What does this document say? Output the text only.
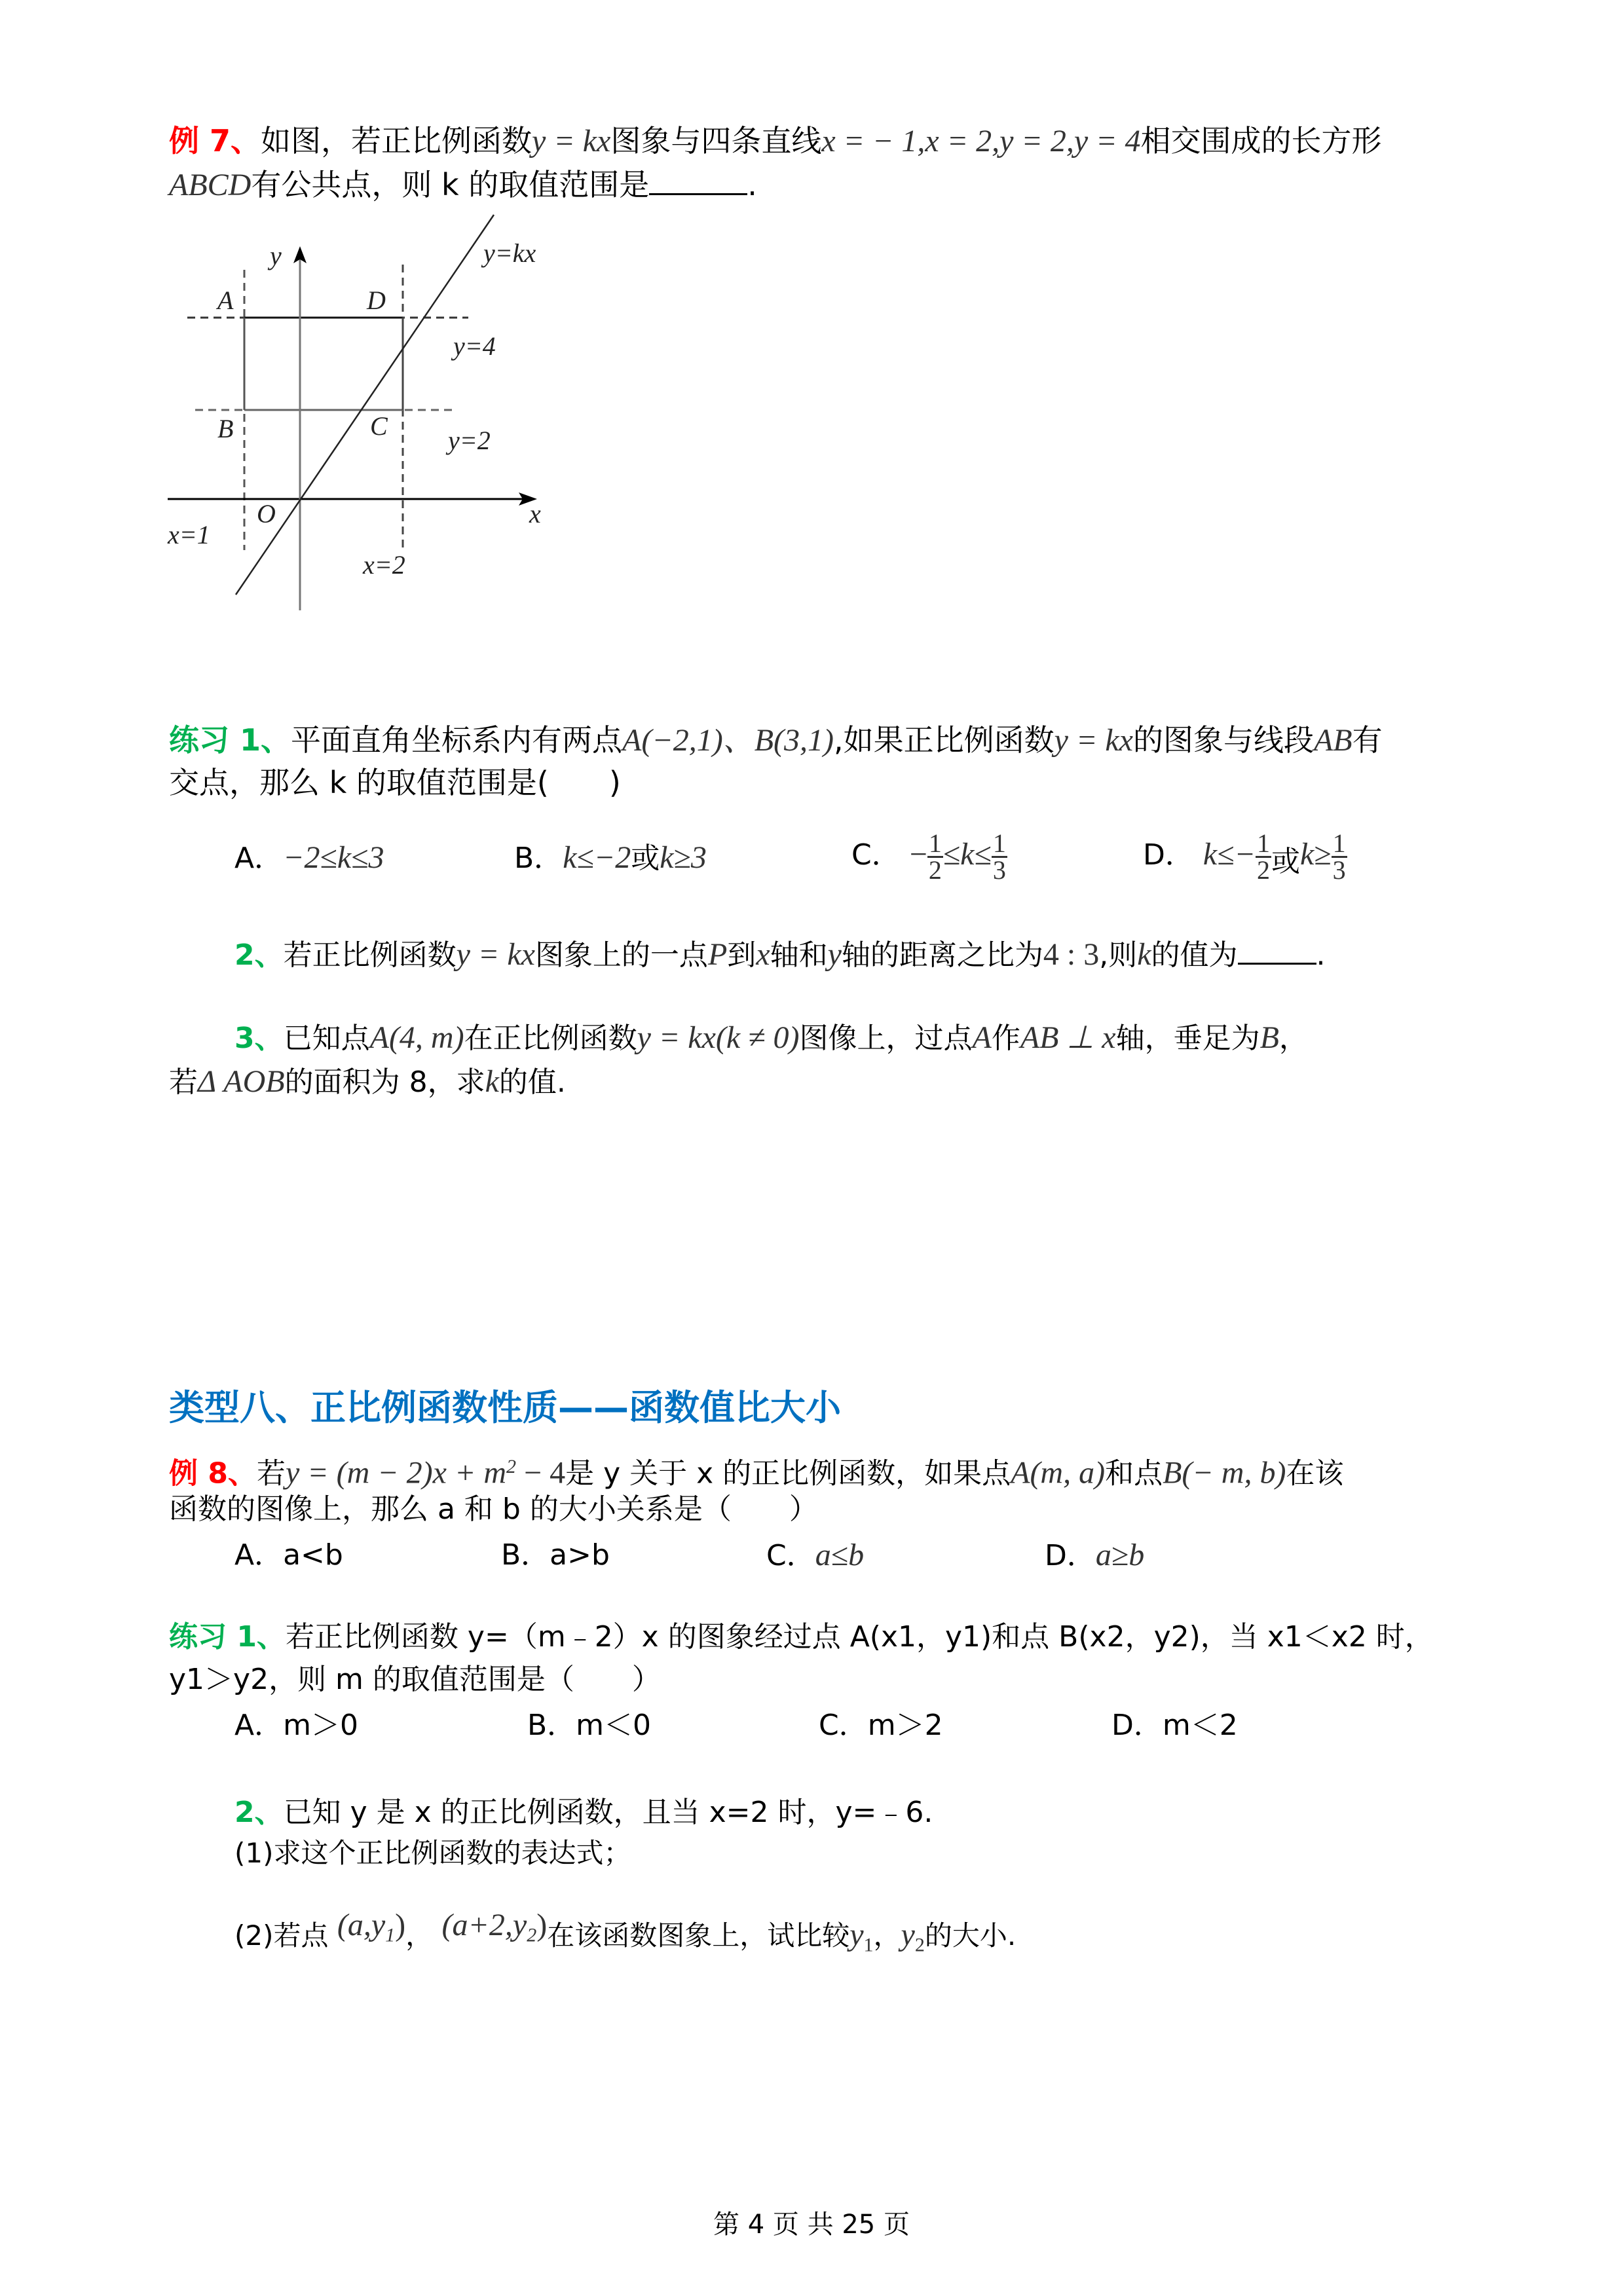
例 7、如图，若正比例函数y = kx图象与四条直线x = − 1,x = 2,y = 2,y = 4相交围成的长方形
ABCD有公共点，则 k 的取值范围是	.
y
x
O
A
B	C
D
y=kx
y=4
y=2
x=1
x=2
练习 1、平面直角坐标系内有两点A(−2,1)、B(3,1),如果正比例函数y = kx的图象与线段AB有
交点，那么 k 的取值范围是(　　)
A．−2≤k≤3	B．k≤−2或k≥3	C． − $\frac{1}{2} \le k\le \frac{1}{3}$	D． $k\le- \frac{1}{2}$ 或$k\ge \frac{1}{3}$
2、若正比例函数y = kx图象上的一点P到x轴和y轴的距离之比为4 : 3,则k的值为	.
3、已知点A(4, m)在正比例函数y = kx(k ≠ 0)图像上，过点A作AB ⊥ x轴，垂足为B，
若Δ AOB的面积为 8，求k的值.
类型八、正比例函数性质——函数值比大小
例 8、若$y = (m - 2)x + m^2 - 4$是 y 关于 x 的正比例函数，如果点A(m, a)和点B(− m, b)在该
函数的图像上，那么 a 和 b 的大小关系是（　　）
A．a<b	B．a>b	C．a≤b	D．a≥b
练习 1、若正比例函数 y=（m﹣2）x 的图象经过点 A(x1，y1)和点 B(x2，y2)，当 x1＜x2 时，
y1＞y2，则 m 的取值范围是（　　）
A．m＞0	B．m＜0	C．m＞2	D．m＜2
2、已知 y 是 x 的正比例函数，且当 x=2 时，y=﹣6.
(1)求这个正比例函数的表达式；
(2)若点 $(a,y_1)$， $(a+2,y_2)$在该函数图象上，试比较$y_1$，$y_2$的大小.
第 4 页 共 25 页
